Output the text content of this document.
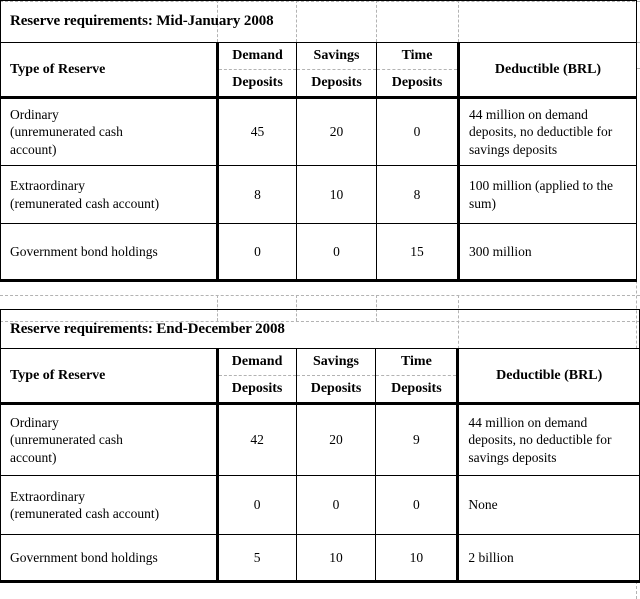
Reserve requirements: Mid-January 2008				
Type of Reserve	Demand	Savings	Time	Deductible (BRL)
	Deposits	Deposits	Deposits	

Ordinary
(unremunerated cash
account)	45	20	0	44 million on demand deposits, no deductible for savings deposits

Extraordinary
(remunerated cash account)	8	10	8	100 million (applied to the sum)

Government bond holdings	0	0	15	300 million
Reserve requirements: End-December 2008				
Type of Reserve	Demand	Savings	Time	Deductible (BRL)
	Deposits	Deposits	Deposits	

Ordinary
(unremunerated cash
account)	42	20	9	44 million on demand deposits, no deductible for savings deposits

Extraordinary
(remunerated cash account)	0	0	0	None

Government bond holdings	5	10	10	2 billion
